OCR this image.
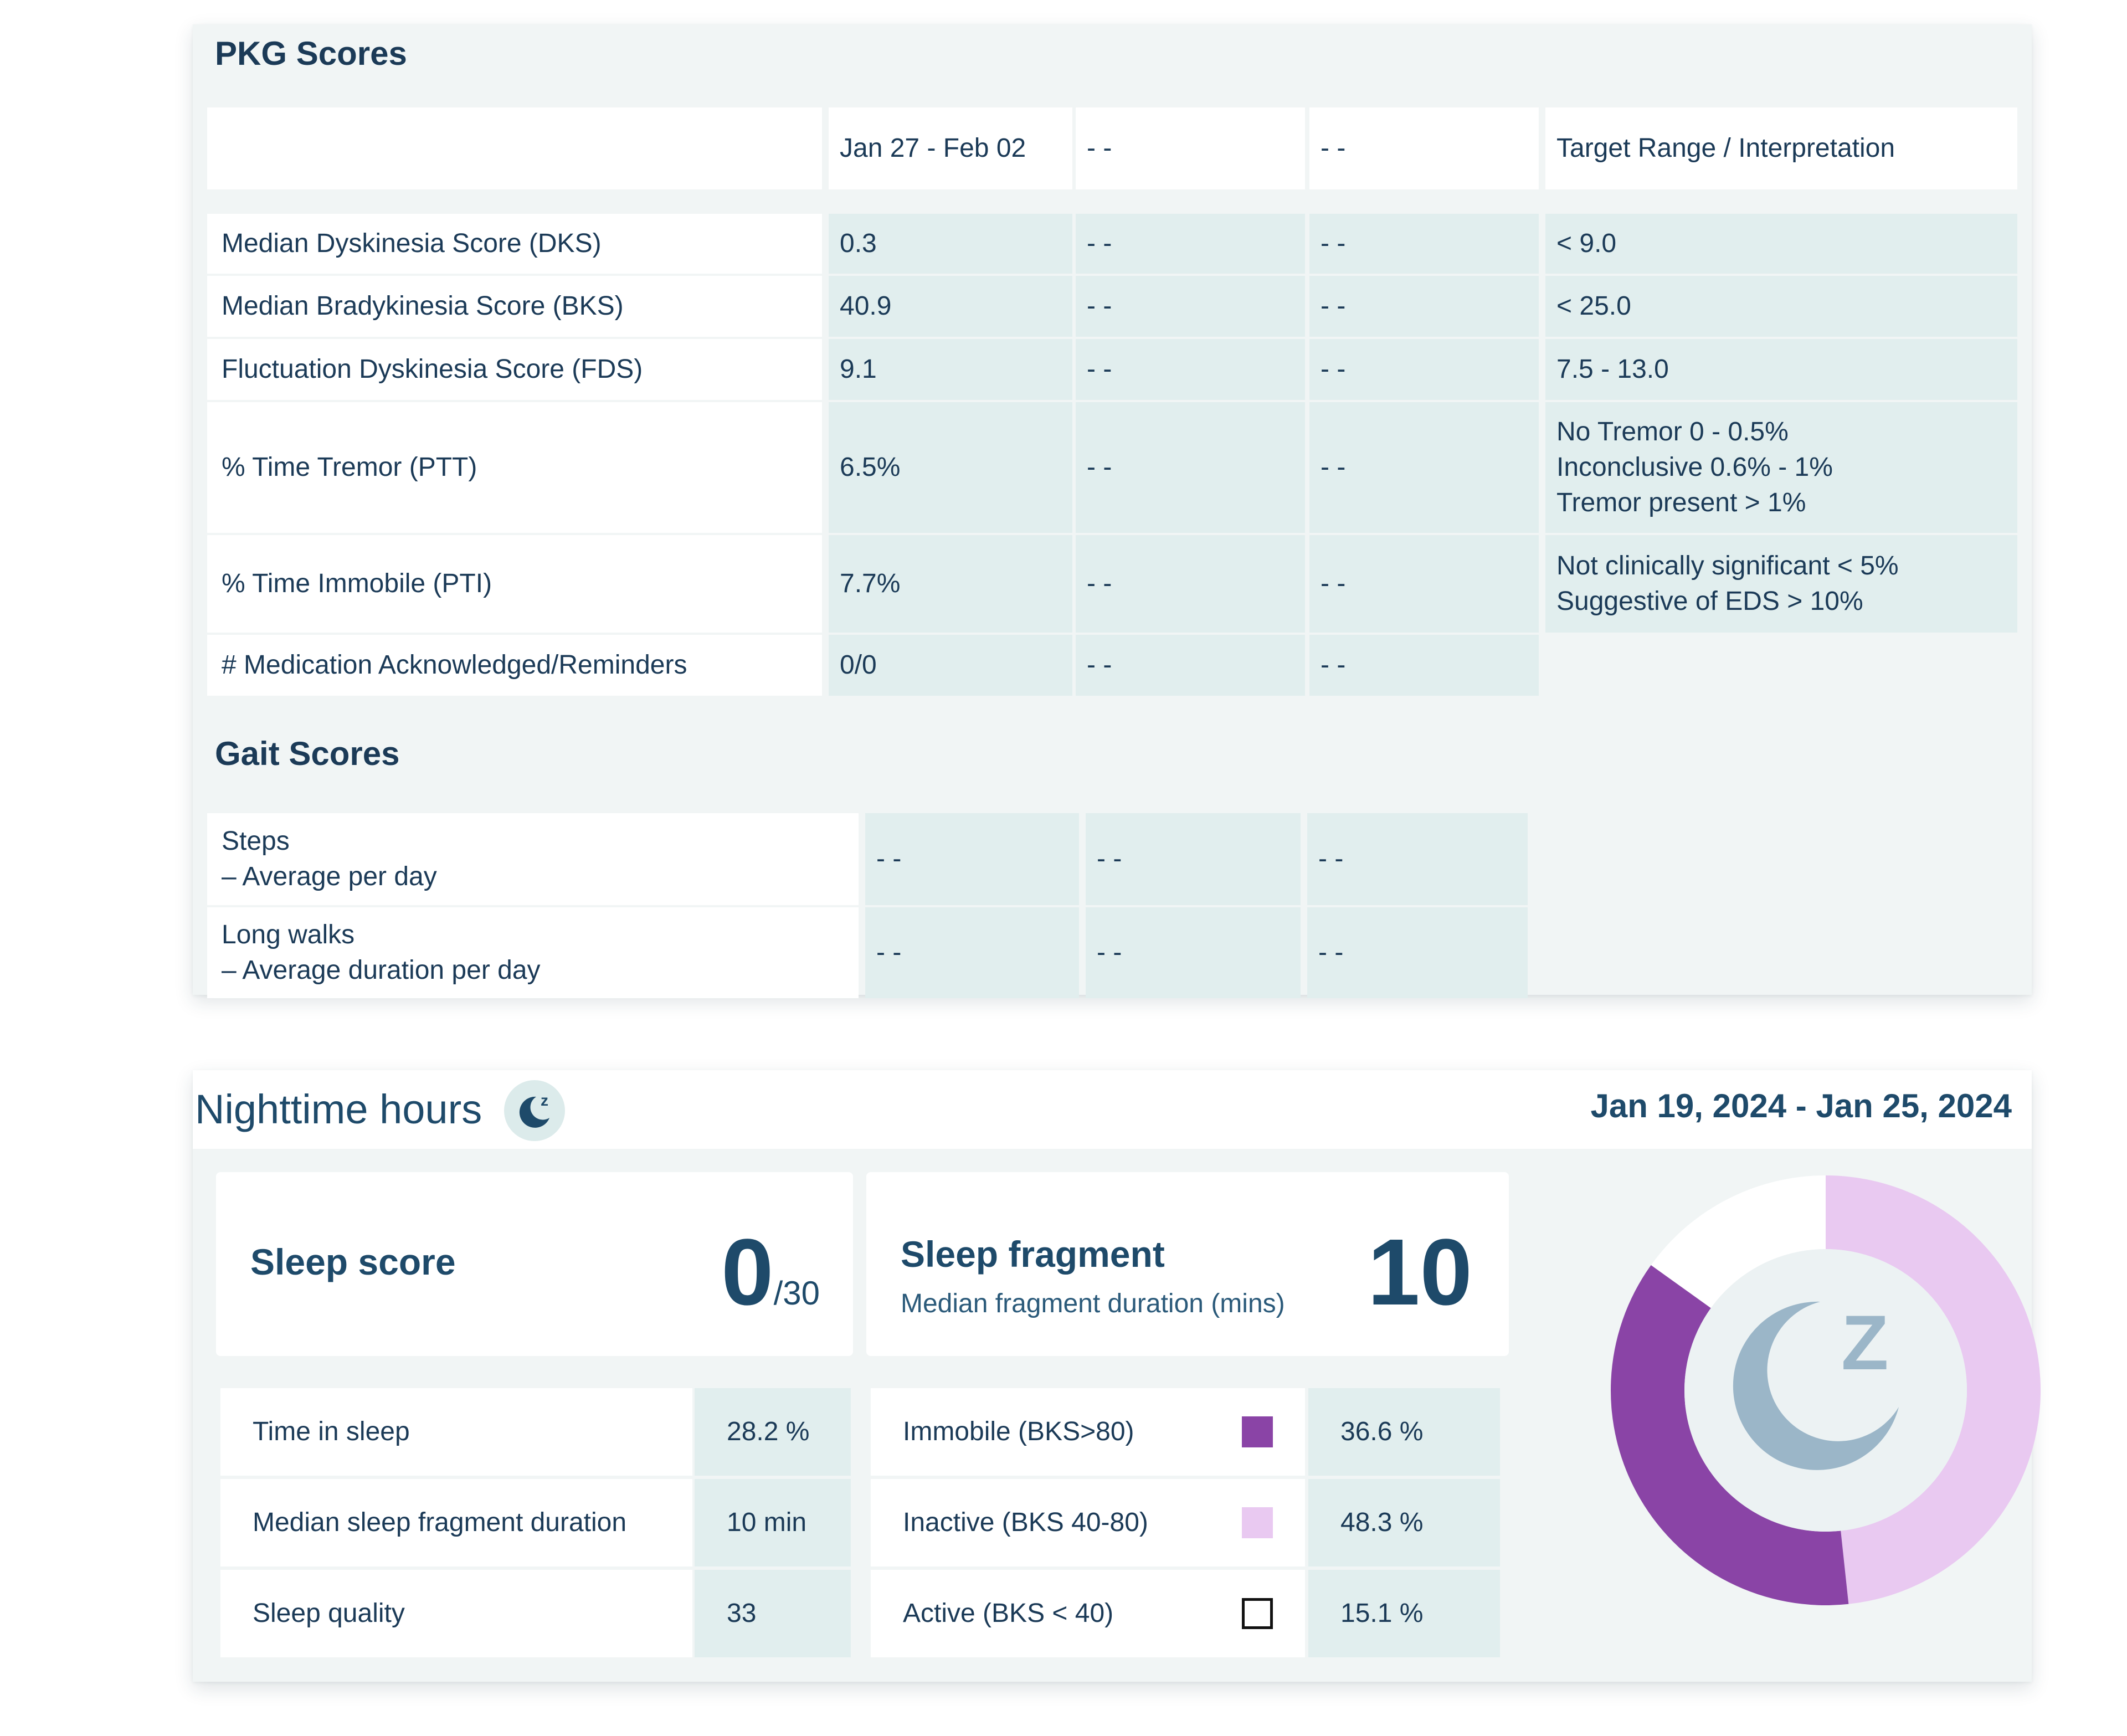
PKG Scores
Jan 27 - Feb 02	- -	- -	Target Range / Interpretation
Median Dyskinesia Score (DKS)	0.3	- -	- -	< 9.0
Median Bradykinesia Score (BKS)	40.9	- -	- -	< 25.0
Fluctuation Dyskinesia Score (FDS)	9.1	- -	- -	7.5 - 13.0
% Time Tremor (PTT)	6.5%	- -	- -
No Tremor 0 - 0.5%
Inconclusive 0.6% - 1%
Tremor present > 1%
% Time Immobile (PTI)	7.7%	- -	- -
Not clinically significant < 5%
Suggestive of EDS > 10%
# Medication Acknowledged/Reminders	0/0	- -	- -
Gait Scores
Steps
– Average per day
- -	- -	- -
Long walks
– Average duration per day
- -	- -	- -
Nighttime hours	z	Jan 19, 2024 - Jan 25, 2024
Sleep score	0/30
Sleep fragment
Median fragment duration (mins) 10
Time in sleep	28.2 %
Median sleep fragment duration	10 min
Sleep quality	33
Immobile (BKS>80)	36.6 %
Inactive (BKS 40-80)	48.3 %
Active (BKS < 40)	15.1 %
Z
